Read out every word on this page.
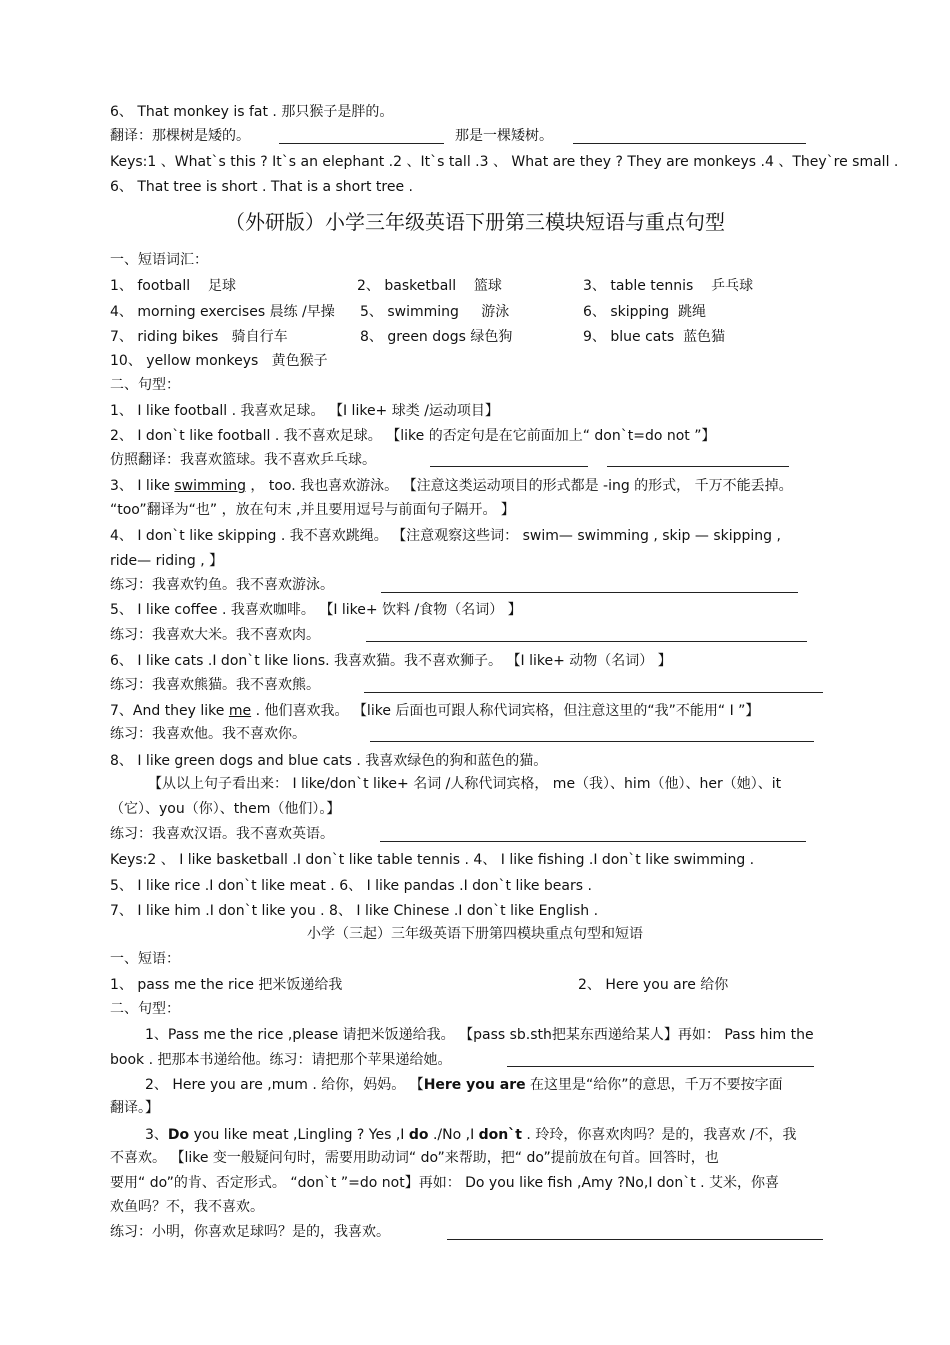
6、 That monkey is fat . 那只猴子是胖的。
翻译：那棵树是矮的。	那是一棵矮树。
Keys:1 、What`s this ? It`s an elephant .2 、It`s tall .3 、 What are they ? They are monkeys .4 、They`re small .
6、 That tree is short . That is a short tree .
（外研版）小学三年级英语下册第三模块短语与重点句型
一、短语词汇：
1、 football 足球	2、 basketball 篮球	3、 table tennis 乒乓球
4、 morning exercises 晨练 /早操 5、 swimming 游泳	6、 skipping 跳绳
7、 riding bikes 骑自行车	8、 green dogs 绿色狗	9、 blue cats 蓝色猫
10、 yellow monkeys 黄色猴子
二、句型：
1、 I like football . 我喜欢足球。 【I like+ 球类 /运动项目】
2、 I don`t like football . 我不喜欢足球。 【like 的否定句是在它前面加上“ don`t=do not ”】
仿照翻译：我喜欢篮球。我不喜欢乒乓球。
3、 I like swimming ， too. 我也喜欢游泳。 【注意这类运动项目的形式都是 -ing 的形式， 千万不能丢掉。
“too”翻译为“也” ，放在句末 ,并且要用逗号与前面句子隔开。 】
4、 I don`t like skipping . 我不喜欢跳绳。 【注意观察这些词： swim— swimming , skip — skipping ,
ride— riding , 】
练习：我喜欢钓鱼。我不喜欢游泳。
5、 I like coffee . 我喜欢咖啡。 【I like+ 饮料 /食物（名词） 】
练习：我喜欢大米。我不喜欢肉。
6、 I like cats .I don`t like lions. 我喜欢猫。我不喜欢狮子。 【I like+ 动物（名词） 】
练习：我喜欢熊猫。我不喜欢熊。
7、And they like me . 他们喜欢我。 【like 后面也可跟人称代词宾格，但注意这里的“我”不能用“ I ”】
练习：我喜欢他。我不喜欢你。
8、 I like green dogs and blue cats . 我喜欢绿色的狗和蓝色的猫。
【从以上句子看出来： I like/don`t like+ 名词 /人称代词宾格， me（我）、him（他）、her（她）、it
（它）、you（你）、them（他们）。】
练习：我喜欢汉语。我不喜欢英语。
Keys:2 、 I like basketball .I don`t like table tennis . 4、 I like fishing .I don`t like swimming .
5、 I like rice .I don`t like meat . 6、 I like pandas .I don`t like bears .
7、 I like him .I don`t like you . 8、 I like Chinese .I don`t like English .
小学（三起）三年级英语下册第四模块重点句型和短语
一、短语：
1、 pass me the rice 把米饭递给我	2、 Here you are 给你
二、句型：
1、Pass me the rice ,please 请把米饭递给我。 【pass sb.sth把某东西递给某人】再如： Pass him the
book . 把那本书递给他。练习：请把那个苹果递给她。
2、 Here you are ,mum . 给你，妈妈。 【Here you are 在这里是“给你”的意思，千万不要按字面
翻译。】
3、Do you like meat ,Lingling ? Yes ,I do ./No ,I don`t . 玲玲，你喜欢肉吗？是的，我喜欢 /不，我
不喜欢。 【like 变一般疑问句时，需要用助动词“ do”来帮助，把“ do”提前放在句首。回答时，也
要用“ do”的肯、否定形式。 “don`t ”=do not】再如： Do you like fish ,Amy ?No,I don`t . 艾米，你喜
欢鱼吗？不，我不喜欢。
练习：小明，你喜欢足球吗？是的，我喜欢。
